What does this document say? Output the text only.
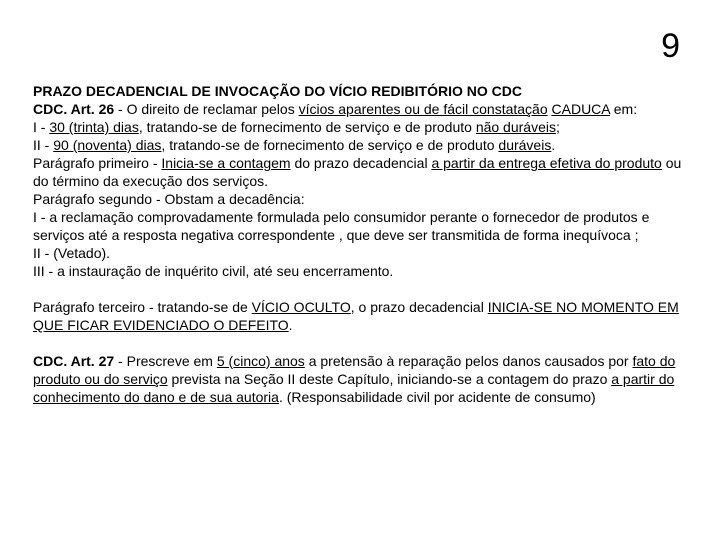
9

PRAZO DECADENCIAL DE INVOCAÇÃO DO VÍCIO REDIBITÓRIO NO CDC

CDC. Art. 26 - O direito de reclamar pelos vícios aparentes ou de fácil constatação CADUCA em:

I - 30 (trinta) dias, tratando-se de fornecimento de serviço e de produto não duráveis;

II - 90 (noventa) dias, tratando-se de fornecimento de serviço e de produto duráveis.

Parágrafo primeiro - Inicia-se a contagem do prazo decadencial a partir da entrega efetiva do produto ou do término da execução dos serviços.

Parágrafo segundo - Obstam a decadência:

I - a reclamação comprovadamente formulada pelo consumidor perante o fornecedor de produtos e serviços até a resposta negativa correspondente , que deve ser transmitida de forma inequívoca ;

II - (Vetado).

III - a instauração de inquérito civil, até seu encerramento.

Parágrafo terceiro - tratando-se de VÍCIO OCULTO, o prazo decadencial INICIA-SE NO MOMENTO EM QUE FICAR EVIDENCIADO O DEFEITO.

CDC. Art. 27 - Prescreve em 5 (cinco) anos a pretensão à reparação pelos danos causados por fato do produto ou do serviço prevista na Seção II deste Capítulo, iniciando-se a contagem do prazo a partir do conhecimento do dano e de sua autoria. (Responsabilidade civil por acidente de consumo)
